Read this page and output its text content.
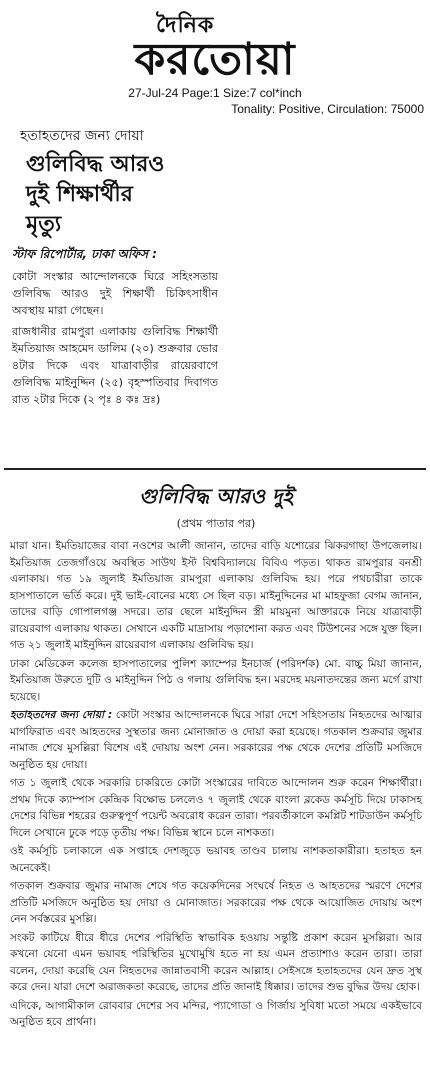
দৈনিক
করতোয়া
27-Jul-24 Page:1 Size:7 col*inch
Tonality: Positive, Circulation: 75000
হতাহতদের জন্য দোয়া
গুলিবিদ্ধ আরও
দুই শিক্ষার্থীর
মৃত্যু
স্টাফ রিপোর্টার, ঢাকা অফিস :

কোটা সংস্কার আন্দোলনকে ঘিরে সহিংসতায় গুলিবিদ্ধ আরও দুই শিক্ষার্থী চিকিৎসাধীন অবস্থায় মারা গেছেন।

রাজধানীর রামপুরা এলাকায় গুলিবিদ্ধ শিক্ষার্থী ইমতিয়াজ আহমেদ ডালিম (২০) শুক্রবার ভোর ৪টার দিকে এবং যাত্রাবাড়ীর রায়েরবাগে গুলিবিদ্ধ মাইনুদ্দিন (২৫) বৃহস্পতিবার দিবাগত রাত ২টার দিকে (২ পৃঃ ৪ কঃ দ্রঃ)

গুলিবিদ্ধ আরও দুই
(প্রথম পাতার পর)

মারা যান। ইমতিয়াজের বাবা নওশের আলী জানান, তাদের বাড়ি যশোরের ঝিকরগাছা উপজেলায়। ইমতিয়াজ তেজগাঁওয়ে অবস্থিত সাউথ ইস্ট বিশ্ববিদ্যালয়ে বিবিএ পড়ত। থাকত রামপুরার বনশ্রী এলাকায়। গত ১৯ জুলাই ইমতিয়াজ রামপুরা এলাকায় গুলিবিদ্ধ হয়। পরে পথচারীরা তাকে হাসপাতালে ভর্তি করে। দুই ভাই-বোনের মধ্যে সে ছিল বড়। মাইনুদ্দিনের মা মাহফুজা বেগম জানান, তাদের বাড়ি গোপালগঞ্জ সদরে। তার ছেলে মাইনুদ্দিন স্ত্রী মায়মুনা আক্তারকে নিয়ে যাত্রাবাড়ী রায়েরবাগ এলাকায় থাকত। সেখানে একটি মাদ্রাসায় পড়াশোনা করত এবং টিউশনের সঙ্গে যুক্ত ছিল। গত ২১ জুলাই মাইনুদ্দিন রায়েরবাগ এলাকায় গুলিবিদ্ধ হয়।

ঢাকা মেডিকেল কলেজ হাসপাতালের পুলিশ ক্যাম্পের ইনচার্জ (পরিদর্শক) মো. বাচ্চু মিয়া জানান, ইমতিয়াজ উরুতে দুটি ও মাইনুদ্দিন পিঠ ও গলায় গুলিবিদ্ধ হন। মরদেহ ময়নাতদন্তের জন্য মর্গে রাখা হয়েছে।

হতাহতদের জন্য দোয়া : কোটা সংস্কার আন্দোলনকে ঘিরে সারা দেশে সহিংসতায় নিহতদের আত্মার মাগফিরাত এবং আহতদের সুস্থতার জন্য মোনাজাত ও দোয়া করা হয়েছে। গতকাল শুক্রবার জুমার নামাজ শেষে মুসল্লিরা বিশেষ এই দোয়ায় অংশ নেন। সরকারের পক্ষ থেকে দেশের প্রতিটি মসজিদে অনুষ্ঠিত হয় দোয়া।

গত ১ জুলাই থেকে সরকারি চাকরিতে কোটা সংস্কারের দাবিতে আন্দোলন শুরু করেন শিক্ষার্থীরা। প্রথম দিকে ক্যাম্পাস কেন্দ্রিক বিক্ষোভ চললেও ৭ জুলাই থেকে বাংলা ব্লকেড কর্মসূচি দিয়ে ঢাকাসহ দেশের বিভিন্ন শহরের গুরুত্বপূর্ণ পয়েন্ট অবরোধ করেন তারা। পরবর্তীকালে কমপ্লিট শাটডাউন কর্মসূচি দিলে সেখানে ঢুকে পড়ে তৃতীয় পক্ষ। বিভিন্ন স্থানে চলে নাশকতা।

ওই কর্মসূচি চলাকালে এক সপ্তাহে দেশজুড়ে ভয়াবহ তাণ্ডব চালায় নাশকতাকারীরা। হতাহত হন অনেকেই।

গতকাল শুক্রবার জুমার নামাজ শেষে গত কয়েকদিনের সংঘর্ষে নিহত ও আহতদের স্মরণে দেশের প্রতিটি মসজিদে অনুষ্ঠিত হয় দোয়া ও মোনাজাত। সরকারের পক্ষ থেকে আয়োজিত দোয়ায় অংশ নেন সর্বস্তরের মুসল্লি।

সংকট কাটিয়ে ধীরে ধীরে দেশের পরিস্থিতি স্বাভাবিক হওয়ায় সন্তুষ্টি প্রকাশ করেন মুসল্লিরা। আর কখনো যেনো এমন ভয়াবহ পরিস্থিতির মুখোমুখি হতে না হয় এমন প্রত্যাশাও করেন তারা। তারা বলেন, দোয়া করেছি যেন নিহতদের জান্নাতবাসী করেন আল্লাহ। সেইসঙ্গে হতাহতদের যেন দ্রুত সুস্থ করে দেন। যারা দেশে অরাজকতা করেছে, তাদের প্রতি জানাই ধিক্কার। তাদের শুভ বুদ্ধির উদয় হোক।

এদিকে, আগামীকাল রোববার দেশের সব মন্দির, প্যাগোডা ও গির্জায় সুবিধা মতো সময়ে একইভাবে অনুষ্ঠিত হবে প্রার্থনা।
